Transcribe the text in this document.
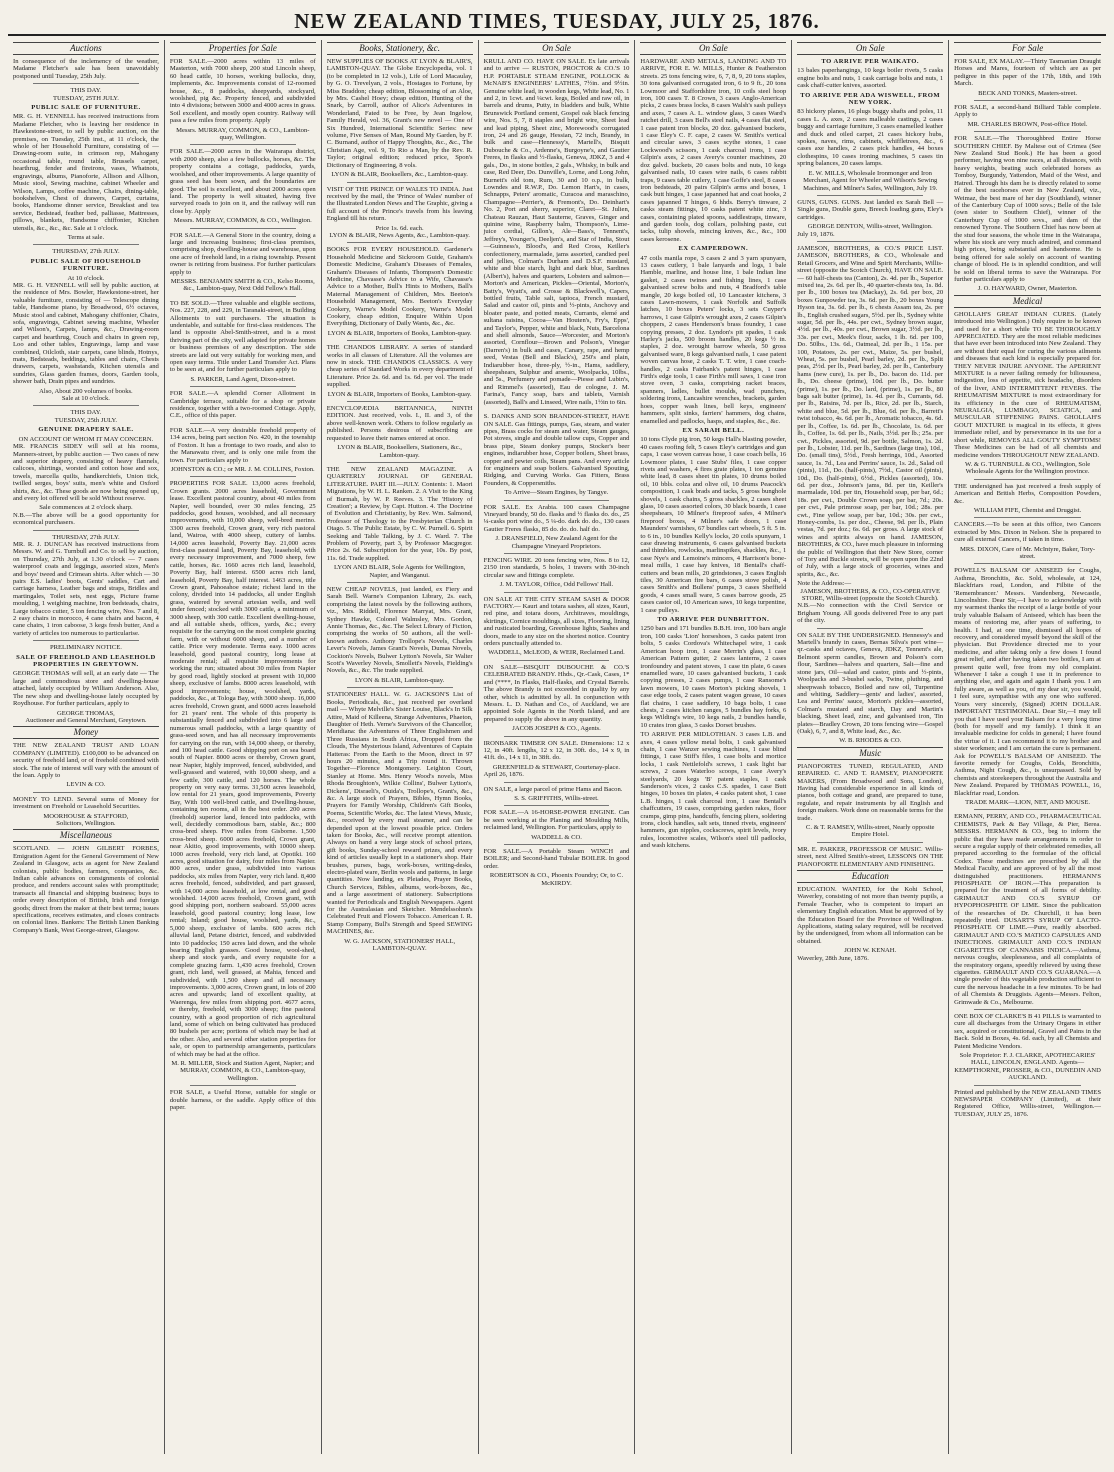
NEW ZEALAND TIMES, TUESDAY, JULY 25, 1876.
Auctions

In consequence of the inclemency of the weather, Madame Fletcher's sale has been unavoidably postponed until Tuesday, 25th July.

THIS DAY.
TUESDAY, 25TH JULY.
PUBLIC SALE OF FURNITURE.

MR. G. H. VENNELL has received instructions from Madame Fletcher, who is leaving her residence in Hawkestone-street, to sell by public auction, on the premises, on Tuesday, 25th inst., at 11 o'clock, the whole of her Household Furniture, consisting of — Drawing-room suite, in crimson rep, Mahogany occasional table, round table, Brussels carpet, hearthrug, fender and fireirons, vases, Whatnots, engravings, albums, Pianoforte, Allison and Allison, Music stool, Sewing machine, cabinet Wheeler and Wilson, Lamps, coffee machine, Chairs, dining-table, bookshelves, Chest of drawers, Carpet, curtains, books, Handsome dinner service, Breakfast and tea service, Bedstead, feather bed, palliasse, Mattresses, pillows, blankets, Handsome chiffonier, Kitchen utensils, &c., &c., &c. Sale at 1 o'clock.

Terms at sale.
THURSDAY, 27th JULY.
PUBLIC SALE OF HOUSEHOLD FURNITURE.
At 10 o'clock.

MR. G. H. VENNELL will sell by public auction, at the residence of Mrs. Bowler, Hawkestone-street, her valuable furniture, consisting of — Telescope dining table, Handsome piano, by Broadwood, 6½ octaves, Music stool and cabinet, Mahogany chiffonier, Chairs, sofa, engravings, Cabinet sewing machine, Wheeler and Wilson's, Carpets, lamps, &c., Drawing-room carpet and hearthrug, Couch and chairs in green rep, Loo and other tables, Engravings, lamp and vase combined, Oilcloth, stair carpets, cane blinds, Hotnys, mats, Bedsteads, beddings, tables and chairs, Chests drawers, carpets, washstands, Kitchen utensils and sundries, Glass garden frames, doors, Garden tools, shower bath, Drain pipes and sundries.

Also, About 200 volumes of books.
Sale at 10 o'clock.
THIS DAY.
TUESDAY, 25th JULY.
GENUINE DRAPERY SALE.
ON ACCOUNT OF WHOM IT MAY CONCERN.

MR. FRANCIS SIDEY will sell at his rooms, Manners-street, by public auction — Two cases of new and superior drapery, consisting of heavy flannels, calicoes, shirtings, worsted and cotton hose and sox, towels, marcella quilts, handkerchiefs, Union tick, twilled serges, boys' suits, men's white and Oxford shirts, &c., &c. These goods are now being opened up, and every lot offered will be sold Without reserve.

Sale commences at 2 o'clock sharp.

N.B.—The above will be a good opportunity for economical purchasers.

THURSDAY, 27th JULY.

MR. R. J. DUNCAN has received instructions from Messrs. W. and G. Turnbull and Co. to sell by auction, on Thursday, 27th July, at 1.30 o'clock — 7 cases waterproof coats and leggings, assorted sizes, Men's and boys' tweed and Crimean shirts. After which — 30 pairs E.S. ladies' boots, Gents' saddles, Cart and carriage harness, Leather bags and straps, Bridles and martingales, Toilet sets, nest eggs, Picture frame moulding, 1 weighing machine, Iron bedsteads, chairs, Large tobacco cutter, 5 ton fencing wire, Nos. 7 and 8, 2 easy chairs in morocco, 4 cane chairs and bacon, 4 cane chairs, 1 iron caboose, 3 kegs fresh butter, And a variety of articles too numerous to particularise.

PRELIMINARY NOTICE.
SALE OF FREEHOLD AND LEASEHOLD PROPERTIES IN GREYTOWN.

GEORGE THOMAS will sell, at an early date — The large and commodious store and dwelling-house attached, lately occupied by William Anderson. Also, The new shop and dwelling-house lately occupied by Roydhouse. For further particulars, apply to

GEORGE THOMAS,
Auctioneer and General Merchant, Greytown.
Money

THE NEW ZEALAND TRUST AND LOAN COMPANY (LIMITED). £100,000 to be advanced on security of freehold land, or of freehold combined with stock. The rate of interest will vary with the amount of the loan. Apply to

LEVIN & CO.

MONEY TO LEND. Several sums of Money for investment on Freehold or Leasehold Securities.

MOORHOUSE & STAFFORD,
Solicitors, Wellington.
Miscellaneous

SCOTLAND. — JOHN GILBERT FORBES, Emigration Agent for the General Government of New Zealand in Glasgow, acts as agent for New Zealand colonists, public bodies, farmers, companies, &c. Indian cable advances on consignments of colonial produce, and renders account sales with promptitude; transacts all financial and shipping business; buys to order every description of British, Irish and foreign goods; direct from the maker at their best terms; issues specifications, receives estimates, and closes contracts on colonial lines. Bankers: The British Linen Banking Company's Bank, West George-street, Glasgow.

Properties for Sale

FOR SALE.—2000 acres within 13 miles of Masterton, with 7000 sheep, 200 stud Lincoln sheep, 60 head cattle, 10 horses, working bullocks, dray, implements, &c. Improvements consist of 12-roomed house, &c., 8 paddocks, sheepyards, stockyard, woolshed, pig &c. Property fenced, and subdivided into 4 divisions; between 3000 and 4000 acres in grass. Soil excellent, and mostly open country. Railway will pass a few miles from property. Apply

Messrs. MURRAY, COMMON, & CO., Lambton-quay, Wellington.

FOR SALE.—2000 acres in the Wairarapa district, with 2000 sheep, also a few bullocks, horses, &c. The property contains a cottage, paddocks, yards, woolshed, and other improvements. A large quantity of grass seed has been sown, and the boundaries are good. The soil is excellent, and about 2000 acres open land. The property is well situated, having five surveyed roads to join on it, and the railway will run close by. Apply

Messrs. MURRAY, COMMON, & CO., Wellington.

FOR SALE.—A General Store in the country, doing a large and increasing business; first-class premises, comprising shop, dwelling-house and warehouse, upon one acre of freehold land, in a rising township. Present owner is retiring from business. For further particulars apply to

MESSRS. BENJAMIN SMITH & CO., Kelso Rooms, &c., Lambton-quay, Next Odd Fellow's Hall.

TO BE SOLD.—Three valuable and eligible sections, Nos. 227, 228, and 229, in Taranaki-street, in Building Allotments to suit purchasers. The situation is undeniable, and suitable for first-class residences. The land is opposite Abel-Smith-street, and is a most thriving part of the city, well adapted for private homes or business premises of any description. The side streets are laid out very suitably for working men, and open easy terms. Title under Land Transfer Act. Plans to be seen at, and for further particulars apply to

S. PARKER, Land Agent, Dixon-street.

FOR SALE.—A splendid Corner Allotment in Cambridge terrace, suitable for a shop or private residence, together with a two-roomed Cottage. Apply, C.E., office of this paper.

FOR SALE.—A very desirable freehold property of 134 acres, being part section No. 420, in the township of Foxton. It has a frontage to two roads, and also to the Manawatu river, and is only one mile from the town. For particulars apply to

JOHNSTON & CO.; or MR. J. M. COLLINS, Foxton.

PROPERTIES FOR SALE. 13,000 acres freehold, Crown grants. 2000 acres leasehold, Government lease. Excellent pastoral country, about 40 miles from Napier, well bounded, over 30 miles fencing, 25 paddocks, good houses, woolshed, and all necessary improvements, with 10,000 sheep, well-bred merino. 3300 acres freehold, Crown grant, very rich pastoral land, Wairoa, with 4000 sheep, cuttery of lambs. 14,000 acres leasehold, Poverty Bay. 21,000 acres first-class pastoral land, Poverty Bay, leasehold, with every necessary improvement, and 7000 sheep, few cattle, horses, &c. 1660 acres rich land, leasehold, Poverty Bay, half interest. 6500 acres rich land, leasehold, Poverty Bay, half interest. 1463 acres, title Crown grant, Pahoeahoe estate; richest land in the colony, divided into 14 paddocks, all under English grass, watered by several artesian wells, and well under fenced; stocked with 3000 cattle, a minimum of 3000 sheep, with 300 cattle. Excellent dwelling-house, and all suitable sheds, offices, yards, &c.; every requisite for the carrying on the most complete grazing farm, with or without 6000 sheep, and a number of cattle. Price very moderate. Terms easy. 1000 acres leasehold, good pastoral country, long lease at moderate rental; all requisite improvements for working the run; situated about 30 miles from Napier by good road, lightly stocked at present with 10,000 sheep, exclusive of lambs. 8000 acres leasehold, with good improvements; house, woolshed, yards, paddocks, &c., at Tologa Bay, with 3000 sheep. 16,000 acres freehold, Crown grant, and 6000 acres leasehold for 21 years' rent. The whole of this property is substantially fenced and subdivided into 6 large and numerous small paddocks, with a large quantity of grass-seed sown, and has all necessary improvements for carrying on the run, with 14,000 sheep, or thereby, and 100 head cattle. Good shipping port on sea board south of Napier. 8000 acres or thereby, Crown grant, near Napier, highly improved, fenced, subdivided, and well-grassed and watered, with 10,000 sheep, and a few cattle, 300 cattle, and 120 horses. The whole property on very easy terms. 31,500 acres leasehold, low rental for 21 years, good improvements, Poverty Bay, With 100 well-bred cattle, and Dwelling-house, containing ten rooms, all in the best order. 200 acres (freehold) superior land, fenced into paddocks, with well, decidedly commodious barn, stable, &c.; 800 cross-bred sheep. Five miles from Gisborne. 1,500 cross-bred sheep. 6000 acres freehold, Crown grant, near Akitio, good improvements, with 10000 sheep. 1000 acres freehold, very rich land, at Opotiki. 160 acres, good situation for dairy, four miles from Napier. 800 acres, under grass, subdivided into various paddocks, six miles from Napier, very rich land. 8,400 acres freehold, fenced, subdivided, and part grassed, with 14,000 acres leasehold, at low rental, and good woolshed. 14,000 acres freehold, Crown grant, with good shipping port, northern seaboard. 55,000 acres leasehold, good pastoral country; long lease, low rental; Inland; good house, woolshed, yards, &c., 5,000 sheep, exclusive of lambs. 600 acres rich alluvial land, Petane district, fenced, and subdivided into 10 paddocks; 150 acres laid down, and the whole bearing English grasses. Good house, wool-shed, sheep and stock yards, and every requisite for a complete grazing farm. 1,430 acres freehold, Crown grant, rich land, well grassed, at Mahia, fenced and subdivided, with 1,500 sheep and all necessary improvements. 3,000 acres, Crown grant, in lots of 200 acres and upwards; land of excellent quality, at Waerenga, few miles from shipping port. 4677 acres, or thereby, freehold, with 3000 sheep; fine pastoral country, with a good proportion of rich agricultural land, some of which on being cultivated has produced 80 bushels per acre; portions of which may be had at the other. Also, and several other station properties for sale, or open to partnership arrangements, particulars of which may be had at the office.

M. R. MILLER, Stock and Station Agent, Napier; and MURRAY, COMMON, & CO., Lambton-quay, Wellington.

FOR SALE, a Useful Horse, suitable for single or double harness, or the saddle. Apply office of this paper.

Books, Stationery, &c.

NEW SUPPLIES OF BOOKS AT LYON & BLAIR'S, LAMBTON-QUAY. The Globe Encyclopedia, vol. 1 (to be completed in 12 vols.), Life of Lord Macaulay, by G. O. Trevelyan, 2 vols., Hostages to Fortune, by Miss Braddon; cheap edition, Blossoming of an Aloe, by Mrs. Cashel Hoey; cheap edition, Hunting of the Snark, by Carroll, author of Alice's Adventures in Wonderland, Fated to be Free, by Jean Ingelow, Family Herald, vol. 36, Grant's new novel — One of Six Hundred, International Scientific Series: new volume, Five Senses of Man, Round My Garden, by F. C. Burnand, author of Happy Thoughts, &c., &c., The Christian Age, vol. 9, To Rio a Man, by the Rev. R. Taylor; original edition; reduced price, Spon's Dictionary of Engineering, 8 vols.

LYON & BLAIR, Booksellers, &c., Lambton-quay.

VISIT OF THE PRINCE OF WALES TO INDIA. Just received by the mail, the 'Prince of Wales' number of the Illustrated London News and The Graphic, giving a full account of the Prince's travels from his leaving England till his return.

Price 1s. 6d. each.
LYON & BLAIR, News Agents, &c., Lambton-quay.

BOOKS FOR EVERY HOUSEHOLD. Gardener's Household Medicine and Sickroom Guide, Graham's Domestic Medicine, Graham's Diseases of Females, Graham's Diseases of Infants, Thompson's Domestic Medicine, Chavasse's Advice to a Wife, Chavasse's Advice to a Mother, Bull's Hints to Mothers, Ball's Maternal Management of Children, Mrs. Beeton's Household Management, Mrs. Beeton's Everyday Cookery, Warne's Model Cookery, Warne's Model Cookery, cheap edition, Enquire Within Upon Everything, Dictionary of Daily Wants, &c., &c.

LYON & BLAIR, Importers of Books, Lambton-quay.

THE CHANDOS LIBRARY. A series of standard works in all classes of Literature. All the volumes are now in stock. THE CHANDOS CLASSICS. A very cheap series of Standard Works in every department of Literature. Price 2s. 6d. and 1s. 6d. per vol. The trade supplied.

LYON & BLAIR, Importers of Books, Lambton-quay.

ENCYCLOPÆDIA BRITANNICA, NINTH EDITION. Just received, vols. I., II. and 3, of the above well-known work. Others to follow regularly as published. Persons desirous of subscribing are requested to leave their names entered at once.

LYON & BLAIR, Booksellers, Stationers, &c., Lambton-quay.

THE NEW ZEALAND MAGAZINE. A QUARTERLY JOURNAL OF GENERAL LITERATURE. PART III.—JULY. Contents: 1. Maori Migrations, by W. H. L. Ranken. 2. A Visit to the King of Burmah, by W. P. Reeves. 3. The 'History of Creation'; a Review, by Capt. Hutton. 4. The Doctrine of Evolution and Christianity, by Rev. Wm. Salmond, Professor of Theology to the Presbyterian Church in Otago. 5. The Public Estate, by C. W. Purnell. 6. Spirit Seeking and Table Talking, by J. C. Ward. 7. The Problem of Poverty, part 3, by Professor Macgregor. Price 2s. 6d. Subscription for the year, 10s. By post, 11s. 6d. Trade supplied.

LYON AND BLAIR, Sole Agents for Wellington, Napier, and Wanganui.

NEW CHEAP NOVELS, just landed, ex Fiery and Sarah Bell. Warne's Companion Library, 2s. each, comprising the latest novels by the following authors, viz., Mrs. Riddell, Florence Marryat, Mrs. Grant, Sydney Hawke, Colonel Walmsley, Mrs. Gordon, Annie Thomas, &c., &c. The Select Library of Fiction, comprising the works of 50 authors, all the well-known authors. Anthony Trollope's Novels, Charles Lever's Novels, James Grant's Novels, Dumas Novels, Cockton's Novels, Bulwer Lytton's Novels, Sir Walter Scott's Waverley Novels, Smollett's Novels, Fielding's Novels, &c., &c. The trade supplied.

LYON & BLAIR, Lambton-quay.

STATIONERS' HALL. W. G. JACKSON'S List of Books, Periodicals, &c., just received per overland mail — Whyte Melville's Sister Louise, Black's In Silk Attire, Maid of Killeena, Strange Adventures, Phaeton, Daughter of Heth. Verne's Survivors of the Chancellor, Meridiana: the Adventures of Three Englishmen and Three Russians in South Africa, Dropped from the Clouds, The Mysterious Island, Adventures of Captain Hatteras: From the Earth to the Moon, direct in 97 hours 20 minutes, and a Trip round it. Thrown Together—Florence Montgomery. Leighton Court, Stanley at Home. Mrs. Henry Wood's novels, Miss Rhoda Broughton's, Wilkie Collins', Bulwer Lytton's, Dickens', Disraeli's, Ouida's, Trollope's, Grant's, &c., &c. A large stock of Prayers, Bibles, Hymn Books, Prayers for Family Worship, Children's Gift Books, Poems, Scientific Works, &c. The latest Views, Music, &c., received by every mail steamer, and can be depended upon at the lowest possible price. Orders taken for Books, &c., will receive prompt attention. Always on hand a very large stock of school prizes, gift books, Sunday-school reward prizes, and every kind of articles usually kept in a stationer's shop. Hair brushes, purses, bags, work-boxes, writing-desks, electro-plated ware, Berlin wools and patterns, in large quantities. Now landing, ex Pleiades, Prayer Books, Church Services, Bibles, albums, work-boxes, &c., and a large assortment of stationery. Subscriptions wanted for Periodicals and English Newspapers. Agent for the Australasian and Sketcher. Mendelssohnn's Celebrated Fruit and Flowers Tobacco. American I. R. Stamp Company, Bull's Strength and Speed SEWING MACHINES, &c.

W. G. JACKSON, STATIONERS' HALL, LAMBTON-QUAY.
On Sale

KRULL AND CO. HAVE ON SALE. Ex late arrivals and to arrive — RUSTON, PROCTOR & CO.'S 10 H.P. PORTABLE STEAM ENGINE, POLLOCK & McNAB'S ENGINEERS' LATHES, 7½in. and 9½in. Genuine white lead, in wooden kegs, White lead, No. 1 and 2, in 1cwt. and ¼cwt. kegs, Boiled and raw oil, in barrels and drums, Putty, in bladders and bulk, White Brunswick Portland cement, Gospel oak black fencing wire, Nos. 5, 7, 8 staples and bright wire, Sheet lead and lead piping, Sheet zinc, Morewood's corrugated iron, 24 and 26 gauge, Hessian, 72 inch, Brandy, in bulk and case—Hennessy's, Martell's, Bisquit Dubouche & Co., Ardenne's, Burgoyne's, and Gautier Freres, in flasks and ½-flasks, Geneva, JDKZ, 3 and 4 gals., Do., in stone bottles, 2 gals., Whisky, in bulk and case, Red Deer, Do. Dunville's, Lorne, and Long John, Burnett's old tom, Rum, 30 and 10 o.p., in bulk, Lowndes and R.W.P., Do. Lemon Hart's, in cases, Schnapps, Peters' aromatic, Curacoa and maraschino, Champagne—Perrier's, & Fremont's, Do. Deinhart's No. 2, Port and sherry, superior, Claret—St. Julien, Chateau Rauzan, Haut Sauterne, Graves, Ginger and quinine wine, Raspberry balm, Thompson's, Lime-juice cordial, Gillon's, Ale—Bass's, Tennent's, Jeffrey's, Younger's, Deeljen's, and Star of India, Stout—Guinness's, Blood's, and Red Cross, Keiller's confectionery, marmalade, jams assorted, candied peel and jellies, Colman's Durham and D.S.F. mustard, white and blue starch, light and dark blue, Sardines (Albert's), halves and quarters, Lobsters and salmon—Morton's and American, Pickles—Oriental, Morton's, Batty's, Wyatt's, and Crosse & Blackwell's, Capers, bottled fruits, Table salt, tapioca, French mustard, Salad and castor oil, pints and ½-pints, Anchovy and bloater paste, and potted meats, Currants, elemé and sultana raisins, Cocoa—Van Houten's, Fry's, Epps', and Taylor's, Pepper, white and black, Nuts, Barcelona and shell almonds, Sauce—Worcester, and Morton's assorted, Cornflour—Brown and Polson's, Vinegar (Darren's) in bulk and cases, Canary, rape, and hemp seed, Vestas (Bell and Black's), 250's and plain, Indiarubber hose, three-ply, ½-in., Hams, saddlery, sheepshears, Sulphur and arsenic, Woolpacks, 10lbs., and 5s., Perfumery and pomade—Piesse and Lubin's, and Rimmel's (assorted), Eau de cologne, J. M. Farina's, Fancy soap, bars and tablets, Varnish (assorted), Ball's and Linseed, Wire nails, 1½in to 6in.

S. DANKS AND SON BRANDON-STREET, HAVE ON SALE. Gas fittings, pumps, Gas, steam, and water pipes, Brass cocks for steam and water, Steam gauges, Pot stoves, single and double tallow cups, Copper and brass pipe, Steam donkey pumps, Stocker's beer engines, indiarubber hose, Copper boilers, Sheet brass, copper and pewter coils, Steam pans. And every article for engineers and soap boilers. Galvanised Spouting, Ridging, and Curving Works. Gas Fitters, Brass Founders, & Coppersmiths.

To Arrive—Steam Engines, by Tangye.

FOR SALE. Ex Arabia. 100 cases Champagne Vineyard brandy, 50 do. flasks and ½ flasks do. do., 25 ¼-casks port wine do., 5 ¼-do. dark do. do., 130 cases Gautier Freres flasks, 85 do. do. do. half do.

J. DRANSFIELD, New Zealand Agent for the Champagne Vineyard Proprietors.

FENCING WIRE. 20 tons fencing wire, Nos. 8 to 12, 2150 iron standards, 5 holes, 1 travers with 30-inch circular saw and fittings complete.

J. M. TAYLOR, Office, Odd Fellows' Hall.

ON SALE AT THE CITY STEAM SASH & DOOR FACTORY.— Kauri and totara sashes, all sizes, Kauri, red pine, and totara doors, Architraves, mouldings, skirtings, Cornice mouldings, all sizes, Flooring, lining and rusticated boarding, Greenhouse lights, Sashes and doors, made to any size on the shortest notice. Country orders punctually attended to.

WADDELL, McLEOD, & WEIR, Reclaimed Land.

ON SALE—BISQUIT DUBOUCHE & CO.'S CELEBRATED BRANDY. Hhds., Qr.-Cask, Cases, 1* and (****, In Flasks, Half-flasks, and Crystal Barrels. The above Brandy is not exceeded in quality by any other, which is admitted by all. In conjunction with Messrs. L. D. Nathan and Co., of Auckland, we are appointed Sole Agents in the North Island, and are prepared to supply the above in any quantity.

JACOB JOSEPH & CO., Agents.

IRONBARK TIMBER ON SALE. Dimensions: 12 x 12, in 40ft. lengths, 12 x 12, in 30ft. do., 14 x 9, in 41ft. do., 14 x 11, in 38ft. do.

GREENFIELD & STEWART, Courtenay-place.
April 26, 1876.

ON SALE, a large parcel of prime Hams and Bacon.

S. S. GRIFFITHS, Willis-street.

FOR SALE.—A 16-HORSE-POWER ENGINE. Can be seen working at the Planing and Moulding Mills, reclaimed land, Wellington. For particulars, apply to

WADDELL & CO.

FOR SALE.—A Portable Steam WINCH and BOILER; and Second-hand Tubular BOILER. In good order.

ROBERTSON & CO., Phoenix Foundry; Or, to C. McKIRDY.
On Sale

HARDWARE AND METALS, LANDING AND TO ARRIVE, FOR E. W. MILLS, Hunter & Featherston streets. 25 tons fencing wire, 6, 7, 8, 9, 20 tons staples, 30 tons galvanised corrugated iron, 6 to 9 ft., 20 tons Lowmoor and Staffordshire iron, 10 coils steel hoop iron, 100 cases T. 8 Crown, 3 cases Anglo-American picks, 2 cases brass locks, 8 cases Walsh's sash pulleys and axes, 7 cases A. L. window glass, 3 cases Ward's ratchet drill, 3 cases Bell's steel nails, 4 cases flat steel, 1 case patent iron blocks, 20 doz. galvanised buckets, 1 case Eley's C. F. cape, 2 cases W. Smith's vertical and circular saws, 3 cases scythe stones, 1 case Lockwood's scissors, 1 cask charcoal irons, 1 case Gilpin's axes, 2 cases Avery's counter machines, 20 doz galvd. buckets, 20 cases bolts and nuts, 10 kegs galvanised nails, 10 cases wire nails, 6 cases rabbit traps, 9 cases table cutlery, 1 case Goffe's steel, 8 cases iron bedsteads, 20 pairs Gilpin's arms and boxes, 1 cask butt hinges, 1 case japanned hat and coat hooks, 2 cases japanned T hinges, 6 hhds. Berry's tinware, 2 casks steam fittings, 10 casks patent white zinc, 3 cases, containing plated spoons, saddlestraps, tinware, and garden tools, dog collars, polishing paste, cut tacks, tulip shovels, mincing knives, &c., &c., 100 cases kerosene.

EX CAMPERDOWN.

47 coils manila rope, 3 cases 2 and 3 yarn spunyarn, 13 cases cutlery, 1 bale lanyards and logs, 1 bale Hamble, marline, and house line, 1 bale Indian line gasket, 2 cases twines and fishing lines, 1 case galvanised screw bolts and nuts, 4 Bradford's table mangle, 20 kegs boiled oil, 10 Lancaster kitchens, 3 cases Lawn-mowers, 1 cask Norfolk and Suffolk latches, 10 boxes Peters' locks, 3 sets Cuyper's harrows, 1 case Gilpin's wrought axes, 2 cases Gilpin's choppers, 2 cases Henderson's brass foundry, 1 case copying presses, 2 doz. Lyndon's pit spades, 1 cask Harley's jacks, 500 broom handles, 20 kegs ½ in. staples, 2 doz. wrought barrow wheels, 50 gross galvanised ware, 8 kegs galvanised nails, 1 case patent woven canvas hose, 2 casks T. T. wire, 1 case coach-handles, 2 casks Fairbank's patent hinges, 1 case Firth's edge tools, 1 case Firth's mill saws, 1 case iron stove oven, 3 casks, comprising racket braces, spanners, ladles, bullet moulds, wad punchers, soldering irons, Lancashire wrenches, brackets, garden hoes, copper wash lines, bell keys, engineers' hammers, split sinks, farriers' hammers, dog chains, enamelled and padlocks, hasps, and staples, &c., &c.

EX SARAH BELL.

10 tons Clyde pig iron, 50 kegs Hall's blasting powder, 40 cases roofing felt, 5 cases Eley's cartridges and gun caps, 1 case woven canvas hose, 1 case coach bells, 16 Lowmoor plates, 1 case Stubs' files, 1 case copper rivets and washers, 4 fires grate plates, 1 ton genuine white lead, 8 cases sheet tin plates, 10 drums boiled oil, 10 bbls. colza and olive oil, 10 drums Peacock's composition, 1 cask brads and tacks, 5 gross bunghole shovels, 1 cask chains, 5 gross shackles, 2 cases sheet glass, 10 cases assorted colors, 30 black boards, 1 case sheepshears, 10 Milner's fireproof safes, 4 Milner's fireproof boxes, 4 Milner's safe doors, 1 case Maunders' varnishes, 67 bundles cart wheels, 5 ft. 5 in. to 6 in., 10 bundles Kelly's locks, 20 coils spunyarn, 1 case drawing instruments, 6 cases galvanised buckets and thimbles, rowlocks, marlinspikes, shackles, &c., 1 case Nye's and Lemoine's mincers, 4 Harrison's bone-meal mills, 1 case hay knives, 18 Bentall's chaff-cutters and bean mills, 20 grindstones, 3 cases English tiles, 30 American fire bars, 6 cases stove polish, 4 cases Smith's and Bullens' pumps, 3 cases Sheffield goods, 4 cases small ware, 5 cases barrow goods, 25 cases castor oil, 10 American saws, 10 kegs turpentine, 1 case pulleys.

TO ARRIVE PER DUNBRITTON.

1250 bars and 171 bundles B.B.H. iron, 100 bars angle iron, 100 casks 'Lion' horseshoes, 3 casks patent iron bolts, 5 casks Cordova's Whitechapel wire, 1 cask American hoop iron, 1 case Merrin's glass, 1 case American Pattern gutter, 2 cases lanterns, 2 cases ironfoundry and patent stoves, 1 case tin plate, 6 cases enamelled ware, 10 cases galvanised buckets, 1 cask copying presses, 2 cases pumps, 1 case Ransome's lawn mowers, 10 cases Morton's picking shovels, 1 case edge tools, 2 cases patent wagon grease, 10 cases flat chains, 1 case saddlery, 10 bags bolts, 1 case chests, 2 cases kitchen ranges, 5 bundles hay forks, 6 kegs Wilding's wire, 10 kegs nails, 2 bundles handle, 10 crates iron glass, 3 casks Dorset brushes.

TO ARRIVE PER MIDLOTHIAN. 3 cases L.B. and axes, 4 cases yellow metal bolts, 1 cask galvanised chain, 1 case Wanzer sewing machines, 1 case blind fittings, 1 case Stiff's files, 1 case bolts and mortice locks, 1 cask Nettlefold's screws, 1 cask light bar screws, 2 cases Waterloo scoops, 1 case Avery's steelyards, 20 kegs 'B' patent staples, 1 cask Sanderson's vices, 2 casks C.S. spades, 1 case Butt hinges, 10 boxes tin plates, 4 casks patent shot, 1 case L.B. hinges, 1 cask charcoal iron, 1 case Bentall's chaffcutters, 19 cases, comprising garden rakes, floor cramps, gimp pins, handcuffs, fencing pliers, soldering irons, clock handles, salt sets, tinned rivets, engineers' hammers, gun nipples, cockscrews, spirit levels, ivory rules, locomotive scales, Wilson's steel till padlocks, and wash kitchens.

On Sale
TO ARRIVE PER WAIKATO.

13 bales paperhangings, 10 kegs boiler rivets, 5 casks engine bolts and nuts, 1 cask carriage bolts and nuts, 1 cask chaff-cutter knives, assorted.

TO ARRIVE PER ADA WISWELL, FROM NEW YORK.

83 hickory planes, 16 plugs buggy shafts and poles, 11 cases L. A. axes, 2 cases malleable castings, 2 cases buggy and carriage furniture, 3 cases enamelled leather and duck and oiled carpet, 21 cases hickory hubs, spokes, naves, rims, cabinets, whiffletrees, &c., 6 cases axe handles, 2 cases pick handles, 44 boxes clothespins, 10 cases ironing machines, 5 cases tin spring balances, 20 cases lamps.

E. W. MILLS, Wholesale Ironmonger and Iron Merchant, Agent for Wheeler and Wilson's Sewing Machines, and Milner's Safes, Wellington, July 19.

GUNS, GUNS. GUNS. Just landed ex Sarah Bell — Single guns, Double guns, Breech loading guns, Eley's cartridges.

GEORGE DENTON, Willis-street, Wellington.
July 19, 1876.

JAMESON, BROTHERS, & CO.'S PRICE LIST. JAMESON, BROTHERS, & CO., Wholesale and Retail Grocers, and Wine and Spirit Merchants, Willis-street (opposite the Scotch Church), HAVE ON SALE.— 60 half-chests tea (Canton), 2s. 4d. per lb., Superior mixed tea, 2s. 6d. per lb., 40 quarter-chests tea, 1s. 8d. per lb., 100 boxes tea (Mackay), 2s. 6d. per box, 20 boxes Gunpowder tea, 3s. 6d. per lb., 20 boxes Young Hyson tea, 3s. 6d. per lb., 6 chests Assam tea, 2s. per lb., English crushed sugars, 5½d. per lb., Sydney white sugar, 5d. per lb., 44s. per cwt., Sydney brown sugar, 4½d. per lb., 40s. per cwt., Brown sugar, 3½d. per lb., 33s. per cwt., Meek's flour, sacks, 1 lb. 6d. per 100, Do. 50lbs., 13s. 6d., Oatmeal, 2d. per lb., 1 15s. per 100, Potatoes, 2s. per cwt., Maize, 5s. per bushel, Wheat, 5s. per bushel, Pearl barley, 2d. per lb., Split peas, 2½d. per lb., Pearl barley, 2d. per lb., Canterbury hams (new cure), 1s. per lb., Do. bacon do. 11d. per lb., Do. cheese (prime), 10d. per lb., Do. butter (prime), 1s. per lb., Do. lard, (prime), 1s. per lb., 80 bags salt butter (prime), 1s. 4d. per lb., Currants, 6d. per lb., Raisins, 7d. per lb., Rice, 2d. per lb., Starch, white and blue, 5d. per lb., Blue, 6d. per lb., Barrett's twist tobacco, 4s. 6d. per lb., Aromatic tobacco, 4s. 6d. per lb., Coffee, 1s. 6d. per lb., Chocolate, 1s. 6d. per lb., Coffee, 1s. 6d. per lb., Nails, 3½d. per lb.; 25s. per cwt., Pickles, assorted, 9d. per bottle, Salmon, 1s. 2d. per lb., Lobster, 11d. per lb., Sardines (large tins), 10d., Do. (small tins), 5½d., Fresh herrings, 10d., Assorted sauce, 1s. 7d., Lea and Perrins' sauce, 1s. 2d., Salad oil (pints), 11d., Do. (half-pints), 7½d., Castor oil (pints), 10d., Do. (half-pints), 6½d., Pickles (assorted), 10s. 6d. per doz., Johnson's jams, 8d. per tin, Keiller's marmalade, 10d. per tin, Household soap, per bar, 6d.; 18s. per cwt., Double Crown soap, per bar, 7d.; 20s. per cwt., Pale primrose soap, per bar, 10d.; 28s. per cwt., Fine yellow soap, per bar, 10d.; 30s. per cwt., Honey-combs, 1s. per doz., Cheese, 9d. per lb., Plain vestas, 7d. per doz.; 6s. 6d. per gross. A large stock of wines and spirits always on hand. JAMESON, BROTHERS, & CO., have much pleasure in informing the public of Wellington that their New Store, corner of Tory and Buckle streets, will be open upon the 22nd of July, with a large stock of groceries, wines and spirits, &c., &c.

Note the Address:—
JAMESON, BROTHERS, & CO., CO-OPERATIVE STORE, Willis-street (opposite the Scotch Church).

N.B.—No connection with the Civil Service or Brigham Young. All goods delivered Free to any part of the city.

ON SALE BY THE UNDERSIGNED. Hennessy's and Martell's brandy in cases, Bernas Silva's port wine—qr.-casks and octaves, Geneva, JDKZ, Tennent's ale, Belmont sperm candles, Brown and Polson's corn flour, Sardines—halves and quarters, Salt—fine and stone jars, Oil—salad and castor, pints and ½-pints, Woolpacks and 3-bushel sacks, Twine, pluthing, and sheepwash tobacco, Boiled and raw oil, Turpentine and whiting, Saddlery—gents' and ladies', assorted, Lea and Perrins' sauce, Morton's pickles—assorted, Colman's mustard and starch, Day and Martin's blacking, Sheet lead, zinc, and galvanised iron, Tin plates—Bradley Crown, 20 tons fencing wire—Gospel (Oak), 6, 7, and 8, White lead, &c., &c.

W. B. RHODES & CO.
Music

PIANOFORTES TUNED, REGULATED, AND REPAIRED. C. AND T. RAMSEY, PIANOFORTE MAKERS, (From Broadwood and Sons, London), Having had considerable experience in all kinds of pianos, both cottage and grand, are prepared to tune, regulate, and repair instruments by all English and foreign makers. Work done on reasonable terms for the trade.

C. & T. RAMSEY, Willis-street, Nearly opposite Empire Hotel.

MR. E. PARKER, PROFESSOR OF MUSIC. Willis-street, next Alfred Smith's-street, LESSONS ON THE PIANOFORTE ELEMENTARY AND FINISHING.

Education

EDUCATION. WANTED, for the Kohi School, Waverley, consisting of not more than twenty pupils, a Female Teacher, who is competent to impart an elementary English education. Must be approved of by the Education Board for the Province of Wellington. Applications, stating salary required, will be received by the undersigned, from whom all information can be obtained.

JOHN W. KENAH.
Waverley, 28th June, 1876.
For Sale

FOR SALE, EX MALAY.—Thirty Tasmanian Draught Horses and Mares, fourteen of which are as per pedigree in this paper of the 17th, 18th, and 19th March.

BECK AND TONKS, Masters-street.

FOR SALE, a second-hand Billiard Table complete. Apply to

MR. CHARLES BROWN, Post-office Hotel.

FOR SALE.—The Thoroughbred Entire Horse SOUTHERN CHIEF. By Maltese out of Crimea (See New Zealand Stud Book.) He has been a good performer, having won nine races, at all distances, with heavy weights, beating such celebrated horses as Tomboy, Burgundy, Yattendon, Maid of the West, and Hatred. Through his dam he is directly related to some of the best racehorses ever in New Zealand, viz., Weimaz, the best mare of her day (Southland), winner of the Canterbury Cup of 1000 sovs.; Belle of the Isle (own sister to Southern Chief), winner of the Canterbury Cup of 1000 sovs., and dam of the renowned Tyrone. The Southern Chief has now been at the stud four seasons, the whole time in the Wairarapa, where his stock are very much admired, and command high prices, being substantial and handsome. He is being offered for sale solely on account of wanting change of blood. He is in splendid condition, and will be sold on liberal terms to save the Wairarapa. For further particulars apply to

J. O. HAYWARD, Owner, Masterton.
Medical

GHOLLAH'S GREAT INDIAN CURES. (Lately introduced into Wellington.) Only require to be known and used for a short while TO BE THOROUGHLY APPRECIATED. They are the most reliable medicines that have ever been introduced into New Zealand. They are without their equal for curing the various ailments and diseases that each kind is especially prepared for. THEY NEVER INJURE ANYONE. The APERIENT MIXTURE is a never failing remedy for biliousness, indigestion, loss of appetite, sick headache, disorders of the liver, AND INTERMITTENT FEVERS. The RHEUMATISM MIXTURE is most extraordinary for its efficiency in the cure of RHEUMATISM, NEURALGIA, LUMBAGO, SCIATICA, and MUSCULAR STIFFENING PAINS. GHOLLAH'S GOUT MIXTURE is magical in its effects, it gives immediate relief, and by perseverance in its use for a short while, REMOVES ALL GOUTY SYMPTOMS! These Medicines can be had of all chemists and medicine vendors THROUGHOUT NEW ZEALAND.

W. & G. TURNBULL & CO., Wellington, Sole Wholesale Agents for the Wellington province.

THE undersigned has just received a fresh supply of American and British Herbs, Composition Powders, &c.

WILLIAM FIFE, Chemist and Druggist.

CANCERS.—To be seen at this office, two Cancers extracted by Mrs. Dixon in Nelson. She is prepared to cure all external Cancers, if taken in time.

MRS. DIXON, Care of Mr. McIntyre, Baker, Tory-street.

POWELL'S BALSAM OF ANISEED for Coughs, Asthma, Bronchitis, &c. Sold, wholesale, at 124, Blackfriars road, London, and Filbite of the 'Remembrancer.' Messrs. Vandenberg, Newcastle, Lincolnshire. Dear Sir,—I have to acknowledge with my warmest thanks the receipt of a large bottle of your truly valuable Balsam of Aniseed, which has been the means of restoring me, after years of suffering, to health. I had, at one time, dismissed all hopes of recovery, and considered myself beyond the skill of the physician. But Providence directed me to your medicine, and after taking only a few doses I found great relief, and after having taken two bottles, I am at present quite well, free from my old complaint. Whenever I take a cough I use it in preference to anything else, and again and again I thank you. I am fully aware, as well as you, of my dear sir, you would, I feel sure, sympathise with any one who suffered. Yours very sincerely, (Signed) JOHN DOLLAR. IMPORTANT TESTIMONIAL. Dear Sir,—I may tell you that I have used your Balsam for a very long time (both for myself and my family). I think it an invaluable medicine for colds in general; I have found the virtue of it. I can recommend it to my brother and sister workmen; and I am certain the cure is permanent. Ask for POWELL'S BALSAM OF ANISEED. The favorite remedy for Coughs, Colds, Bronchitis, Asthma, Night Cough, &c., is unsurpassed. Sold by chemists and storekeepers throughout the Australia and New Zealand. Prepared by THOMAS POWELL, 16, Blackfriar road, London.

TRADE MARK—LION, NET, AND MOUSE.

ERMANN, PERRY, AND CO., PHARMACEUTICAL CHEMISTS, Park & Bay Village, & Pier, Berea. MESSRS. HERMANN & CO., beg to inform the public that they have made arrangements in order to secure a regular supply of their celebrated remedies, all prepared according to the formulae of the official Codex. These medicines are prescribed by all the Medical Faculty, and are approved of by all the most distinguished practitioners. HERMANN'S PHOSPHATE OF IRON.—This preparation is prepared for the treatment of all forms of debility. GRIMAULT AND CO.'S SYRUP OF HYPOPHOSPHITE OF LIME. Since the publication of the researches of Dr. Churchill, it has been repeatedly tried. DUSART'S SYRUP OF LACTO-PHOSPHATE OF LIME.—Pure, readily absorbed. GRIMAULT AND CO.'S MATICO CAPSULES AND INJECTIONS. GRIMAULT AND CO.'S INDIAN CIGARETTES OF CANNABIS INDICA.—Asthma, nervous coughs, sleeplessness, and all complaints of the respiratory organs, speedily relieved by using these cigarettes. GRIMAULT AND CO.'S GUARANA.—A single powder of this vegetable production sufficient to cure the nervous headache in a few minutes. To be had of all Chemists & Druggists. Agents—Messrs. Felton, Grimwade & Co., Melbourne.

ONE BOX OF CLARKE'S B 41 PILLS is warranted to cure all discharges from the Urinary Organs in either sex, acquired or constitutional, Gravel and Pains in the Back. Sold in Boxes, 4s. 6d. each, by all Chemists and Patent Medicine Vendors.

Sole Proprietor: F. J. CLARKE, APOTHECARIES' HALL, LINCOLN, ENGLAND. Agents— KEMPTHORNE, PROSSER, & CO., DUNEDIN AND AUCKLAND.

Printed and published by the NEW ZEALAND TIMES NEWSPAPER COMPANY (Limited), at their Registered Office, Willis-street, Wellington.—TUESDAY, JULY 25, 1876.
